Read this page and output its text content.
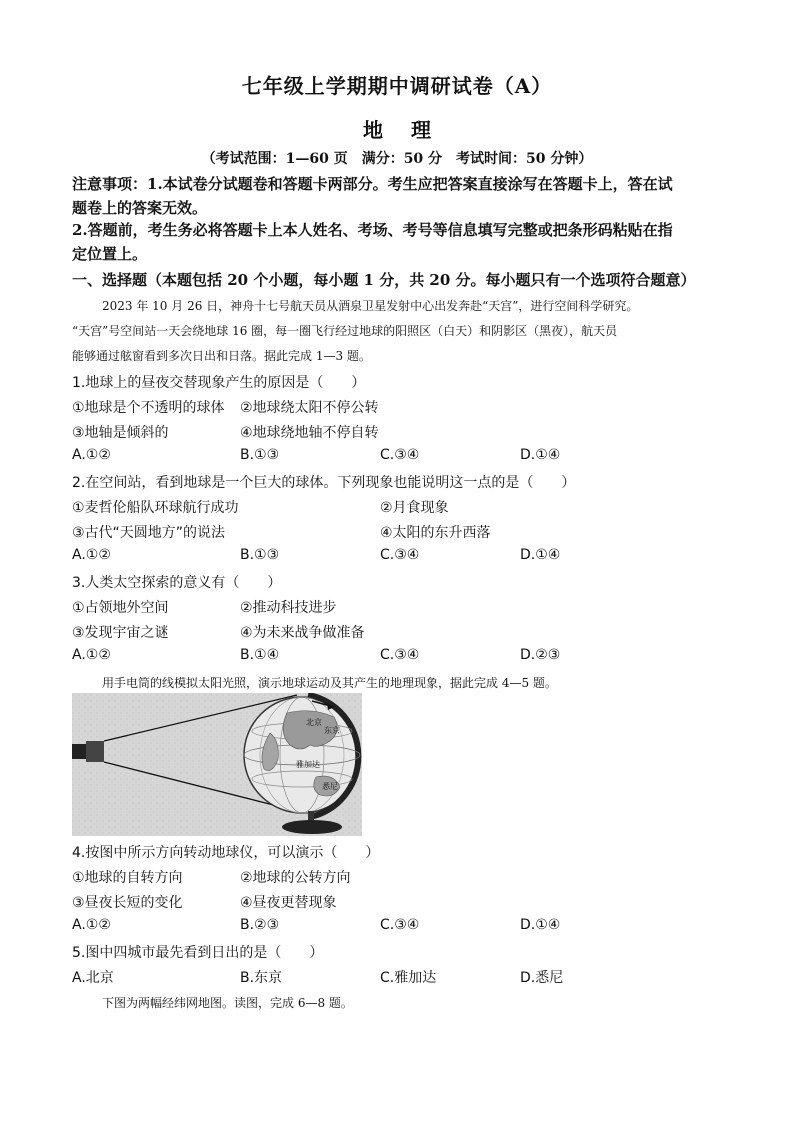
七年级上学期期中调研试卷（A）
地理
（考试范围：1—60 页　满分：50 分　考试时间：50 分钟）
注意事项：1.本试卷分试题卷和答题卡两部分。考生应把答案直接涂写在答题卡上，答在试
题卷上的答案无效。
2.答题前，考生务必将答题卡上本人姓名、考场、考号等信息填写完整或把条形码粘贴在指
定位置上。
一、选择题（本题包括 20 个小题，每小题 1 分，共 20 分。每小题只有一个选项符合题意）
2023 年 10 月 26 日，神舟十七号航天员从酒泉卫星发射中心出发奔赴“天宫”，进行空间科学研究。
“天宫”号空间站一天会绕地球 16 圈，每一圈飞行经过地球的阳照区（白天）和阴影区（黑夜），航天员
能够通过舷窗看到多次日出和日落。据此完成 1—3 题。
1.地球上的昼夜交替现象产生的原因是（　　）
①地球是个不透明的球体 ②地球绕太阳不停公转
③地轴是倾斜的	④地球绕地轴不停自转
A.①②	B.①③	C.③④	D.①④
2.在空间站，看到地球是一个巨大的球体。下列现象也能说明这一点的是（　　）
①麦哲伦船队环球航行成功	②月食现象
③古代“天圆地方”的说法	④太阳的东升西落
A.①②	B.①③	C.③④	D.①④
3.人类太空探索的意义有（　　）
①占领地外空间	②推动科技进步
③发现宇宙之谜	④为未来战争做准备
A.①②	B.①④	C.③④	D.②③
用手电筒的线模拟太阳光照，演示地球运动及其产生的地理现象，据此完成 4—5 题。
北京
东京
雅加达
悉尼
4.按图中所示方向转动地球仪，可以演示（　　）
①地球的自转方向	②地球的公转方向
③昼夜长短的变化	④昼夜更替现象
A.①②	B.②③	C.③④	D.①④
5.图中四城市最先看到日出的是（　　）
A.北京	B.东京	C.雅加达	D.悉尼
下图为两幅经纬网地图。读图，完成 6—8 题。
